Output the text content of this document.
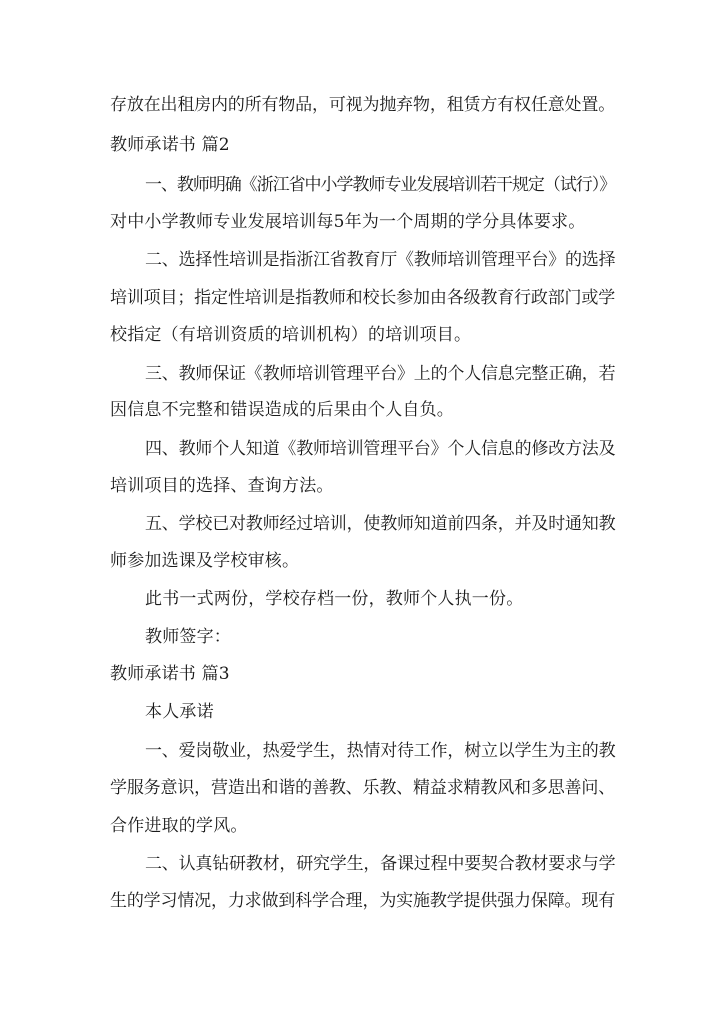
存放在出租房内的所有物品，可视为抛弃物，租赁方有权任意处置。
教师承诺书 篇2
一、教师明确《浙江省中小学教师专业发展培训若干规定（试行）》
对中小学教师专业发展培训每5年为一个周期的学分具体要求。
二、选择性培训是指浙江省教育厅《教师培训管理平台》的选择
培训项目；指定性培训是指教师和校长参加由各级教育行政部门或学
校指定（有培训资质的培训机构）的培训项目。
三、教师保证《教师培训管理平台》上的个人信息完整正确，若
因信息不完整和错误造成的后果由个人自负。
四、教师个人知道《教师培训管理平台》个人信息的修改方法及
培训项目的选择、查询方法。
五、学校已对教师经过培训，使教师知道前四条，并及时通知教
师参加选课及学校审核。
此书一式两份，学校存档一份，教师个人执一份。
教师签字：
教师承诺书 篇3
本人承诺
一、爱岗敬业，热爱学生，热情对待工作，树立以学生为主的教
学服务意识，营造出和谐的善教、乐教、精益求精教风和多思善问、
合作进取的学风。
二、认真钻研教材，研究学生，备课过程中要契合教材要求与学
生的学习情况，力求做到科学合理，为实施教学提供强力保障。现有
